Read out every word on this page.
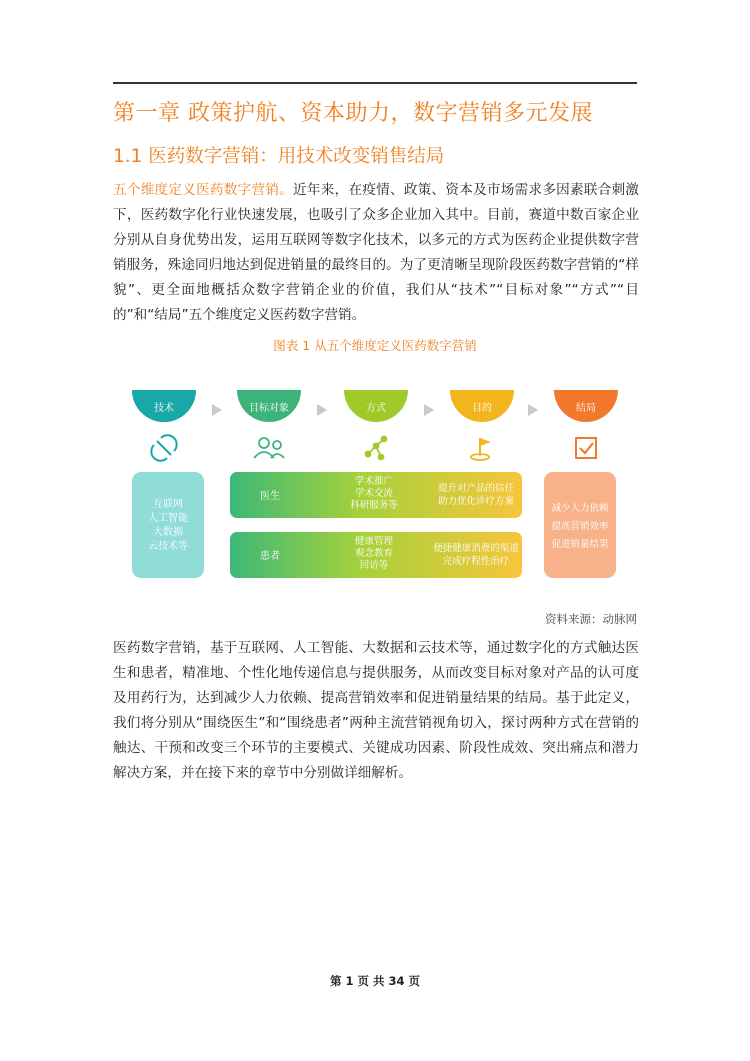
第一章 政策护航、资本助力，数字营销多元发展
1.1 医药数字营销：用技术改变销售结局
五个维度定义医药数字营销。近年来，在疫情、政策、资本及市场需求多因素联合刺激下，医药数字化行业快速发展，也吸引了众多企业加入其中。目前，赛道中数百家企业分别从自身优势出发，运用互联网等数字化技术，以多元的方式为医药企业提供数字营销服务，殊途同归地达到促进销量的最终目的。为了更清晰呈现阶段医药数字营销的“样貌”、更全面地概括众数字营销企业的价值，我们从“技术”“目标对象”“方式”“目的”和“结局”五个维度定义医药数字营销。
图表 1 从五个维度定义医药数字营销
技术	目标对象	方式	目的	结局
互联网
人工智能
大数据
云技术等
医生
学术推广
学术交流
科研服务等
提升对产品的信任
助力优化诊疗方案
患者
健康管理
观念教育
回访等
便捷健康消费的渠道
完成疗程性治疗
减少人力依赖
提高营销效率
促进销量结果
资料来源：动脉网
医药数字营销，基于互联网、人工智能、大数据和云技术等，通过数字化的方式触达医生和患者，精准地、个性化地传递信息与提供服务，从而改变目标对象对产品的认可度及用药行为，达到减少人力依赖、提高营销效率和促进销量结果的结局。基于此定义，我们将分别从“围绕医生”和“围绕患者”两种主流营销视角切入，探讨两种方式在营销的触达、干预和改变三个环节的主要模式、关键成功因素、阶段性成效、突出痛点和潜力解决方案，并在接下来的章节中分别做详细解析。
第 1 页 共 34 页
